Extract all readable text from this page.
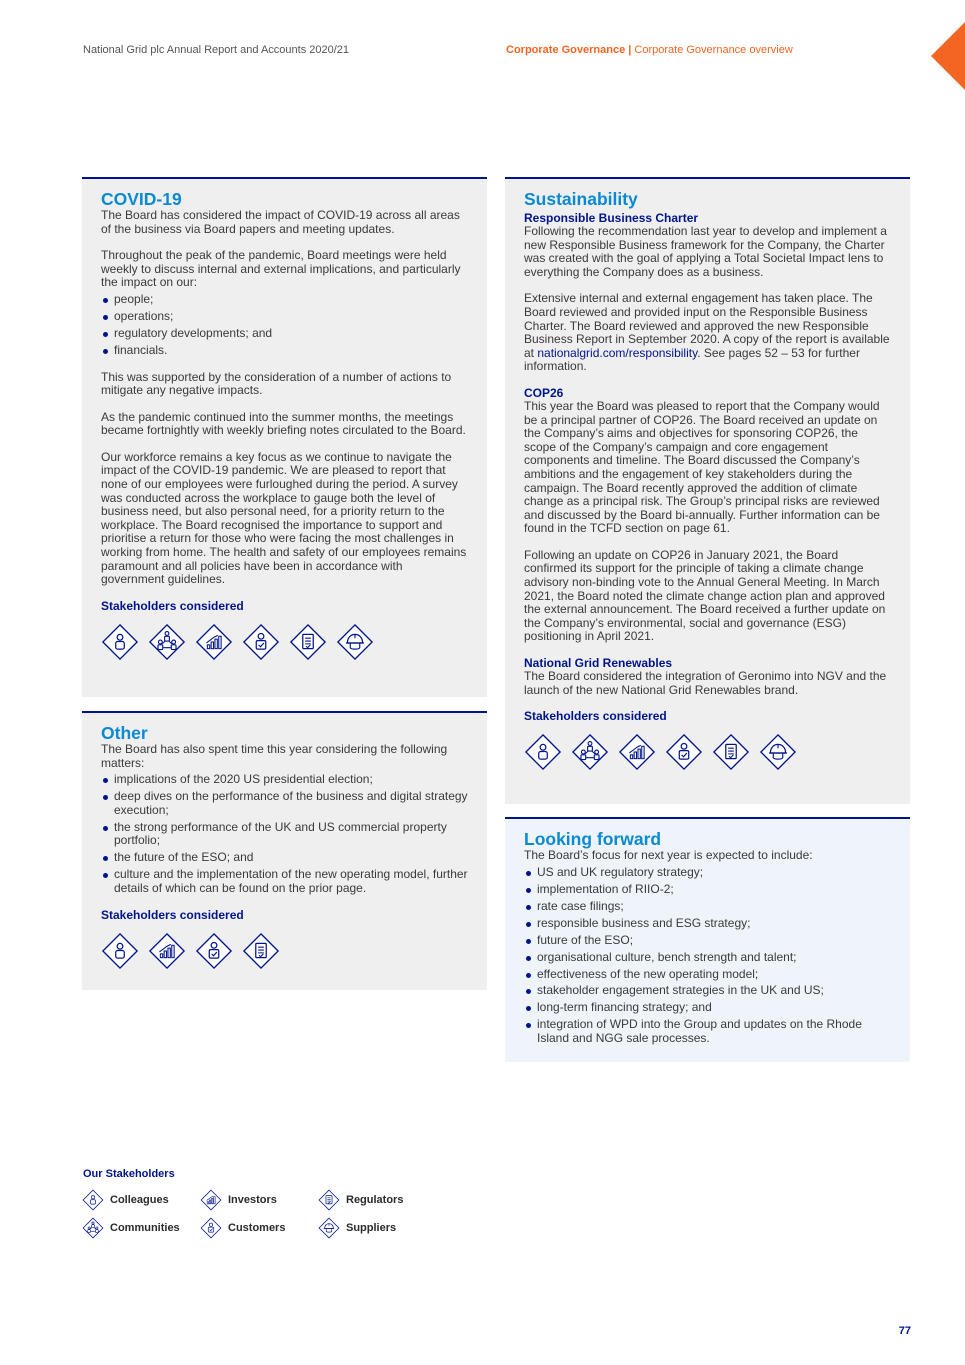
National Grid plc Annual Report and Accounts 2020/21	Corporate Governance | Corporate Governance overview
COVID-19

The Board has considered the impact of COVID-19 across all areas of the business via Board papers and meeting updates.

Throughout the peak of the pandemic, Board meetings were held weekly to discuss internal and external implications, and particularly the impact on our:

people;
operations;
regulatory developments; and
financials.

This was supported by the consideration of a number of actions to mitigate any negative impacts.

As the pandemic continued into the summer months, the meetings became fortnightly with weekly briefing notes circulated to the Board.

Our workforce remains a key focus as we continue to navigate the impact of the COVID-19 pandemic. We are pleased to report that none of our employees were furloughed during the period. A survey was conducted across the workplace to gauge both the level of business need, but also personal need, for a priority return to the workplace. The Board recognised the importance to support and prioritise a return for those who were facing the most challenges in working from home. The health and safety of our employees remains paramount and all policies have been in accordance with government guidelines.

Stakeholders considered
Other

The Board has also spent time this year considering the following matters:

implications of the 2020 US presidential election;
deep dives on the performance of the business and digital strategy execution;
the strong performance of the UK and US commercial property portfolio;
the future of the ESO; and
culture and the implementation of the new operating model, further details of which can be found on the prior page.
Stakeholders considered
Sustainability
Responsible Business Charter

Following the recommendation last year to develop and implement a new Responsible Business framework for the Company, the Charter was created with the goal of applying a Total Societal Impact lens to everything the Company does as a business.

Extensive internal and external engagement has taken place. The Board reviewed and provided input on the Responsible Business Charter. The Board reviewed and approved the new Responsible Business Report in September 2020. A copy of the report is available at nationalgrid.com/responsibility. See pages 52 – 53 for further information.

COP26

This year the Board was pleased to report that the Company would be a principal partner of COP26. The Board received an update on the Company’s aims and objectives for sponsoring COP26, the scope of the Company’s campaign and core engagement components and timeline. The Board discussed the Company’s ambitions and the engagement of key stakeholders during the campaign. The Board recently approved the addition of climate change as a principal risk. The Group’s principal risks are reviewed and discussed by the Board bi-annually. Further information can be found in the TCFD section on page 61.

Following an update on COP26 in January 2021, the Board confirmed its support for the principle of taking a climate change advisory non-binding vote to the Annual General Meeting. In March 2021, the Board noted the climate change action plan and approved the external announcement. The Board received a further update on the Company’s environmental, social and governance (ESG) positioning in April 2021.

National Grid Renewables

The Board considered the integration of Geronimo into NGV and the launch of the new National Grid Renewables brand.

Stakeholders considered
Looking forward

The Board’s focus for next year is expected to include:

US and UK regulatory strategy;
implementation of RIIO-2;
rate case filings;
responsible business and ESG strategy;
future of the ESO;
organisational culture, bench strength and talent;
effectiveness of the new operating model;
stakeholder engagement strategies in the UK and US;
long-term financing strategy; and
integration of WPD into the Group and updates on the Rhode Island and NGG sale processes.
Our Stakeholders
Colleagues	Investors	Regulators
Communities	Customers	Suppliers
77
